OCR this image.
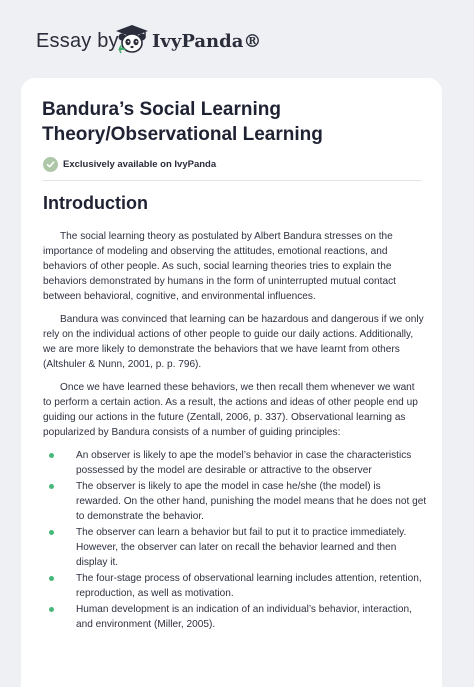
Essay by IvyPanda®
Bandura’s Social Learning Theory/Observational Learning
Exclusively available on IvyPanda
Introduction

The social learning theory as postulated by Albert Bandura stresses on the importance of modeling and observing the attitudes, emotional reactions, and behaviors of other people. As such, social learning theories tries to explain the behaviors demonstrated by humans in the form of uninterrupted mutual contact between behavioral, cognitive, and environmental influences.

Bandura was convinced that learning can be hazardous and dangerous if we only rely on the individual actions of other people to guide our daily actions. Additionally, we are more likely to demonstrate the behaviors that we have learnt from others (Altshuler & Nunn, 2001, p. p. 796).

Once we have learned these behaviors, we then recall them whenever we want to perform a certain action. As a result, the actions and ideas of other people end up guiding our actions in the future (Zentall, 2006, p. 337). Observational learning as popularized by Bandura consists of a number of guiding principles:

An observer is likely to ape the model’s behavior in case the characteristics possessed by the model are desirable or attractive to the observer
The observer is likely to ape the model in case he/she (the model) is rewarded. On the other hand, punishing the model means that he does not get to demonstrate the behavior.
The observer can learn a behavior but fail to put it to practice immediately. However, the observer can later on recall the behavior learned and then display it.
The four-stage process of observational learning includes attention, retention, reproduction, as well as motivation.
Human development is an indication of an individual’s behavior, interaction, and environment (Miller, 2005).
